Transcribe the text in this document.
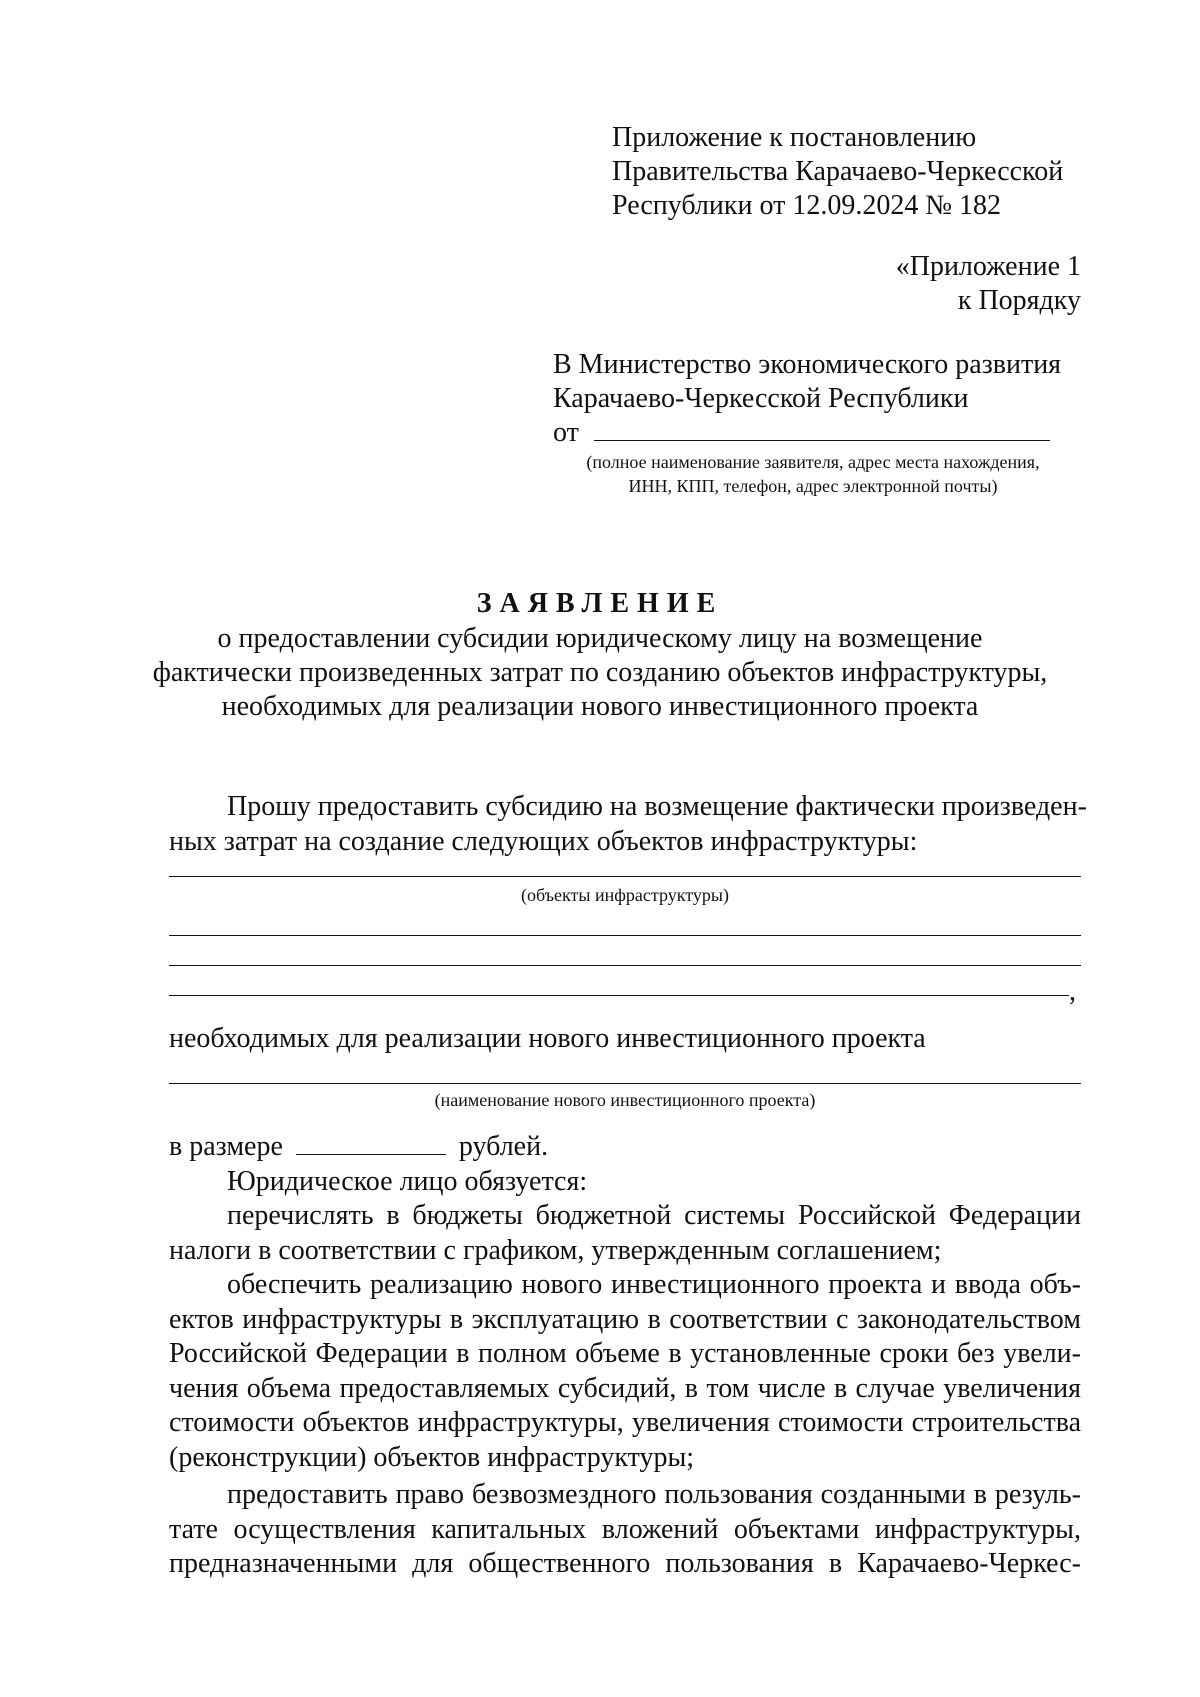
Приложение к постановлению
Правительства Карачаево-Черкесской
Республики от 12.09.2024 № 182
«Приложение 1
к Порядку
В Министерство экономического развития
Карачаево-Черкесской Республики
от
(полное наименование заявителя, адрес места нахождения,
ИНН, КПП, телефон, адрес электронной почты)
ЗАЯВЛЕНИЕ
о предоставлении субсидии юридическому лицу на возмещение
фактически произведенных затрат по созданию объектов инфраструктуры,
необходимых для реализации нового инвестиционного проекта
Прошу предоставить субсидию на возмещение фактически произведен-
ных затрат на создание следующих объектов инфраструктуры:
(объекты инфраструктуры)
,
необходимых для реализации нового инвестиционного проекта
(наименование нового инвестиционного проекта)
в размере	рублей.
Юридическое лицо обязуется:
перечислять в бюджеты бюджетной системы Российской Федерации
налоги в соответствии с графиком, утвержденным соглашением;
обеспечить реализацию нового инвестиционного проекта и ввода объ-
ектов инфраструктуры в эксплуатацию в соответствии с законодательством
Российской Федерации в полном объеме в установленные сроки без увели-
чения объема предоставляемых субсидий, в том числе в случае увеличения
стоимости объектов инфраструктуры, увеличения стоимости строительства
(реконструкции) объектов инфраструктуры;
предоставить право безвозмездного пользования созданными в резуль-
тате осуществления капитальных вложений объектами инфраструктуры,
предназначенными для общественного пользования в Карачаево-Черкес-
